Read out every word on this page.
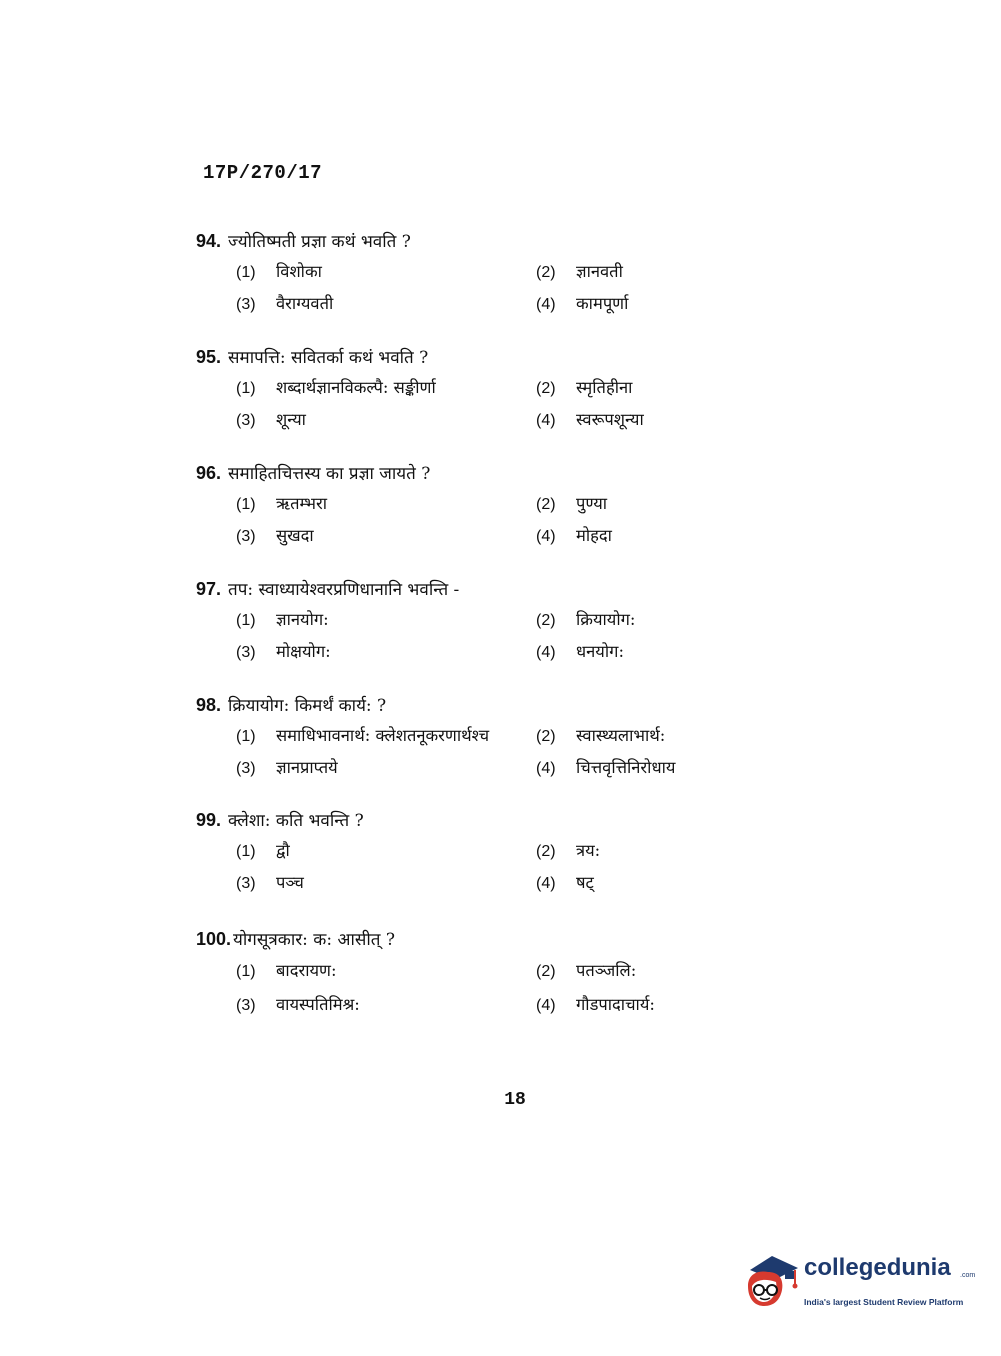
17P/270/17
94. ज्योतिष्मती प्रज्ञा कथं भवति ?
(1) विशोका	(2) ज्ञानवती
(3) वैराग्यवती	(4) कामपूर्णा
95. समापत्ति: सवितर्का कथं भवति ?
(1) शब्दार्थज्ञानविकल्पै: सङ्कीर्णा	(2) स्मृतिहीना
(3) शून्या	(4) स्वरूपशून्या
96. समाहितचित्तस्य का प्रज्ञा जायते ?
(1) ऋतम्भरा	(2) पुण्या
(3) सुखदा	(4) मोहदा
97. तप: स्वाध्यायेश्वरप्रणिधानानि भवन्ति -
(1) ज्ञानयोग:	(2) क्रियायोग:
(3) मोक्षयोग:	(4) धनयोग:
98. क्रियायोग: किमर्थं कार्य: ?
(1) समाधिभावनार्थ: क्लेशतनूकरणार्थश्च	(2) स्वास्थ्यलाभार्थ:
(3) ज्ञानप्राप्तये	(4) चित्तवृत्तिनिरोधाय
99. क्लेशा: कति भवन्ति ?
(1) द्वौ	(2) त्रय:
(3) पञ्च	(4) षट्
100. योगसूत्रकार: क: आसीत् ?
(1) बादरायण:	(2) पतञ्जलि:
(3) वायस्पतिमिश्र:	(4) गौडपादाचार्य:
18
collegedunia .com
India's largest Student Review Platform
